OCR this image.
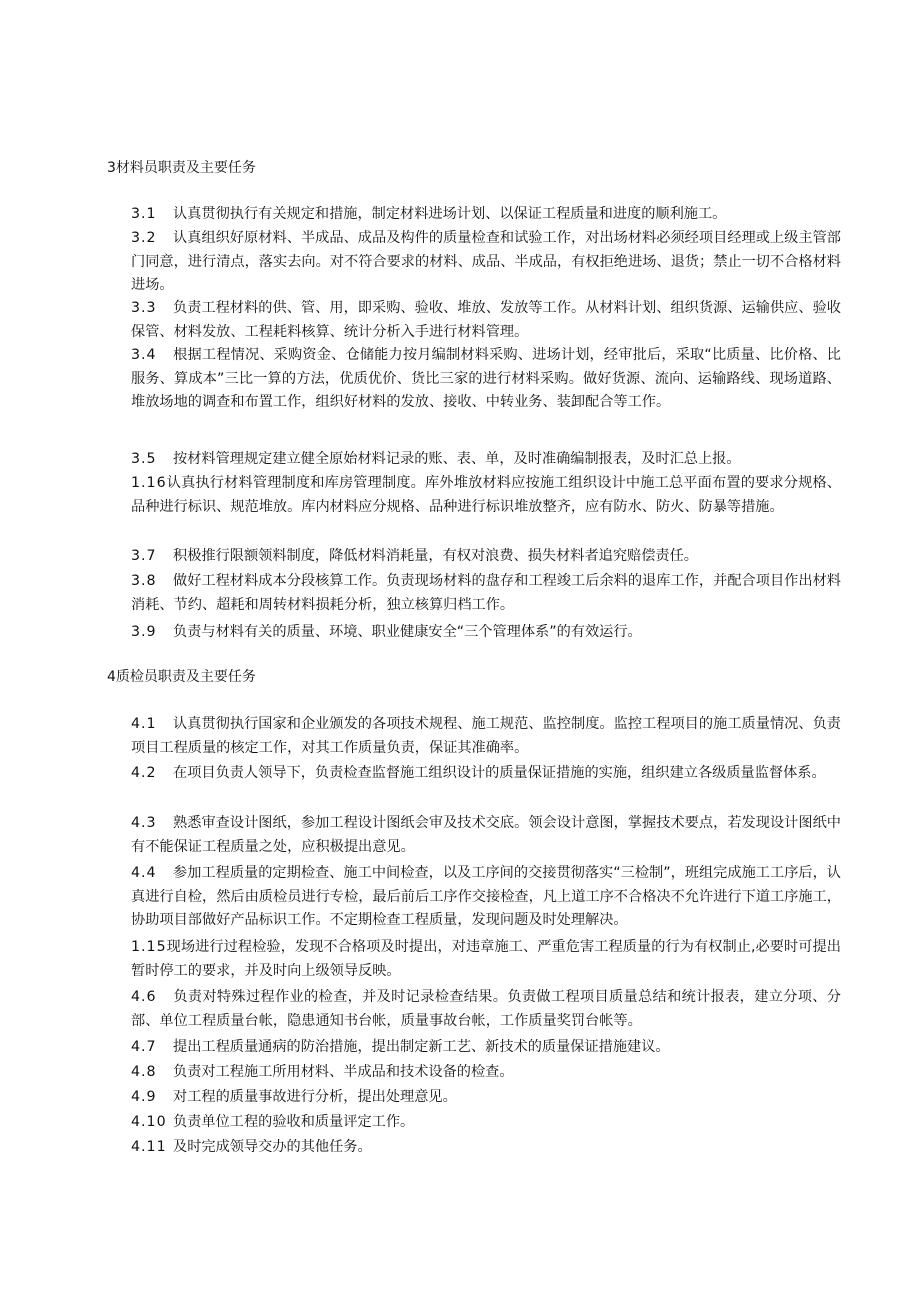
3材料员职责及主要任务
3.1 认真贯彻执行有关规定和措施，制定材料进场计划、以保证工程质量和进度的顺利施工。
3.2 认真组织好原材料、半成品、成品及构件的质量检查和试验工作，对出场材料必须经项目经理或上级主管部门同意，进行清点，落实去向。对不符合要求的材料、成品、半成品，有权拒绝进场、退货；禁止一切不合格材料进场。
3.3 负责工程材料的供、管、用，即采购、验收、堆放、发放等工作。从材料计划、组织货源、运输供应、验收保管、材料发放、工程耗料核算、统计分析入手进行材料管理。
3.4 根据工程情况、采购资金、仓储能力按月编制材料采购、进场计划，经审批后，采取“比质量、比价格、比服务、算成本”三比一算的方法，优质优价、货比三家的进行材料采购。做好货源、流向、运输路线、现场道路、堆放场地的调查和布置工作，组织好材料的发放、接收、中转业务、装卸配合等工作。
3.5 按材料管理规定建立健全原始材料记录的账、表、单，及时准确编制报表，及时汇总上报。
1.16认真执行材料管理制度和库房管理制度。库外堆放材料应按施工组织设计中施工总平面布置的要求分规格、品种进行标识、规范堆放。库内材料应分规格、品种进行标识堆放整齐，应有防水、防火、防暴等措施。
3.7 积极推行限额领料制度，降低材料消耗量，有权对浪费、损失材料者追究赔偿责任。
3.8 做好工程材料成本分段核算工作。负责现场材料的盘存和工程竣工后余料的退库工作，并配合项目作出材料消耗、节约、超耗和周转材料损耗分析，独立核算归档工作。
3.9 负责与材料有关的质量、环境、职业健康安全“三个管理体系”的有效运行。
4质检员职责及主要任务
4.1 认真贯彻执行国家和企业颁发的各项技术规程、施工规范、监控制度。监控工程项目的施工质量情况、负责项目工程质量的核定工作，对其工作质量负责，保证其准确率。
4.2 在项目负责人领导下，负责检查监督施工组织设计的质量保证措施的实施，组织建立各级质量监督体系。
4.3 熟悉审查设计图纸，参加工程设计图纸会审及技术交底。领会设计意图，掌握技术要点，若发现设计图纸中有不能保证工程质量之处，应积极提出意见。
4.4 参加工程质量的定期检查、施工中间检查，以及工序间的交接贯彻落实“三检制”，班组完成施工工序后，认真进行自检，然后由质检员进行专检，最后前后工序作交接检查，凡上道工序不合格决不允许进行下道工序施工，协助项目部做好产品标识工作。不定期检查工程质量，发现问题及时处理解决。
1.15现场进行过程检验，发现不合格项及时提出，对违章施工、严重危害工程质量的行为有权制止,必要时可提出暂时停工的要求，并及时向上级领导反映。
4.6 负责对特殊过程作业的检查，并及时记录检查结果。负责做工程项目质量总结和统计报表，建立分项、分部、单位工程质量台帐，隐患通知书台帐，质量事故台帐，工作质量奖罚台帐等。
4.7 提出工程质量通病的防治措施，提出制定新工艺、新技术的质量保证措施建议。
4.8 负责对工程施工所用材料、半成品和技术设备的检查。
4.9 对工程的质量事故进行分析，提出处理意见。
4.10 负责单位工程的验收和质量评定工作。
4.11 及时完成领导交办的其他任务。
